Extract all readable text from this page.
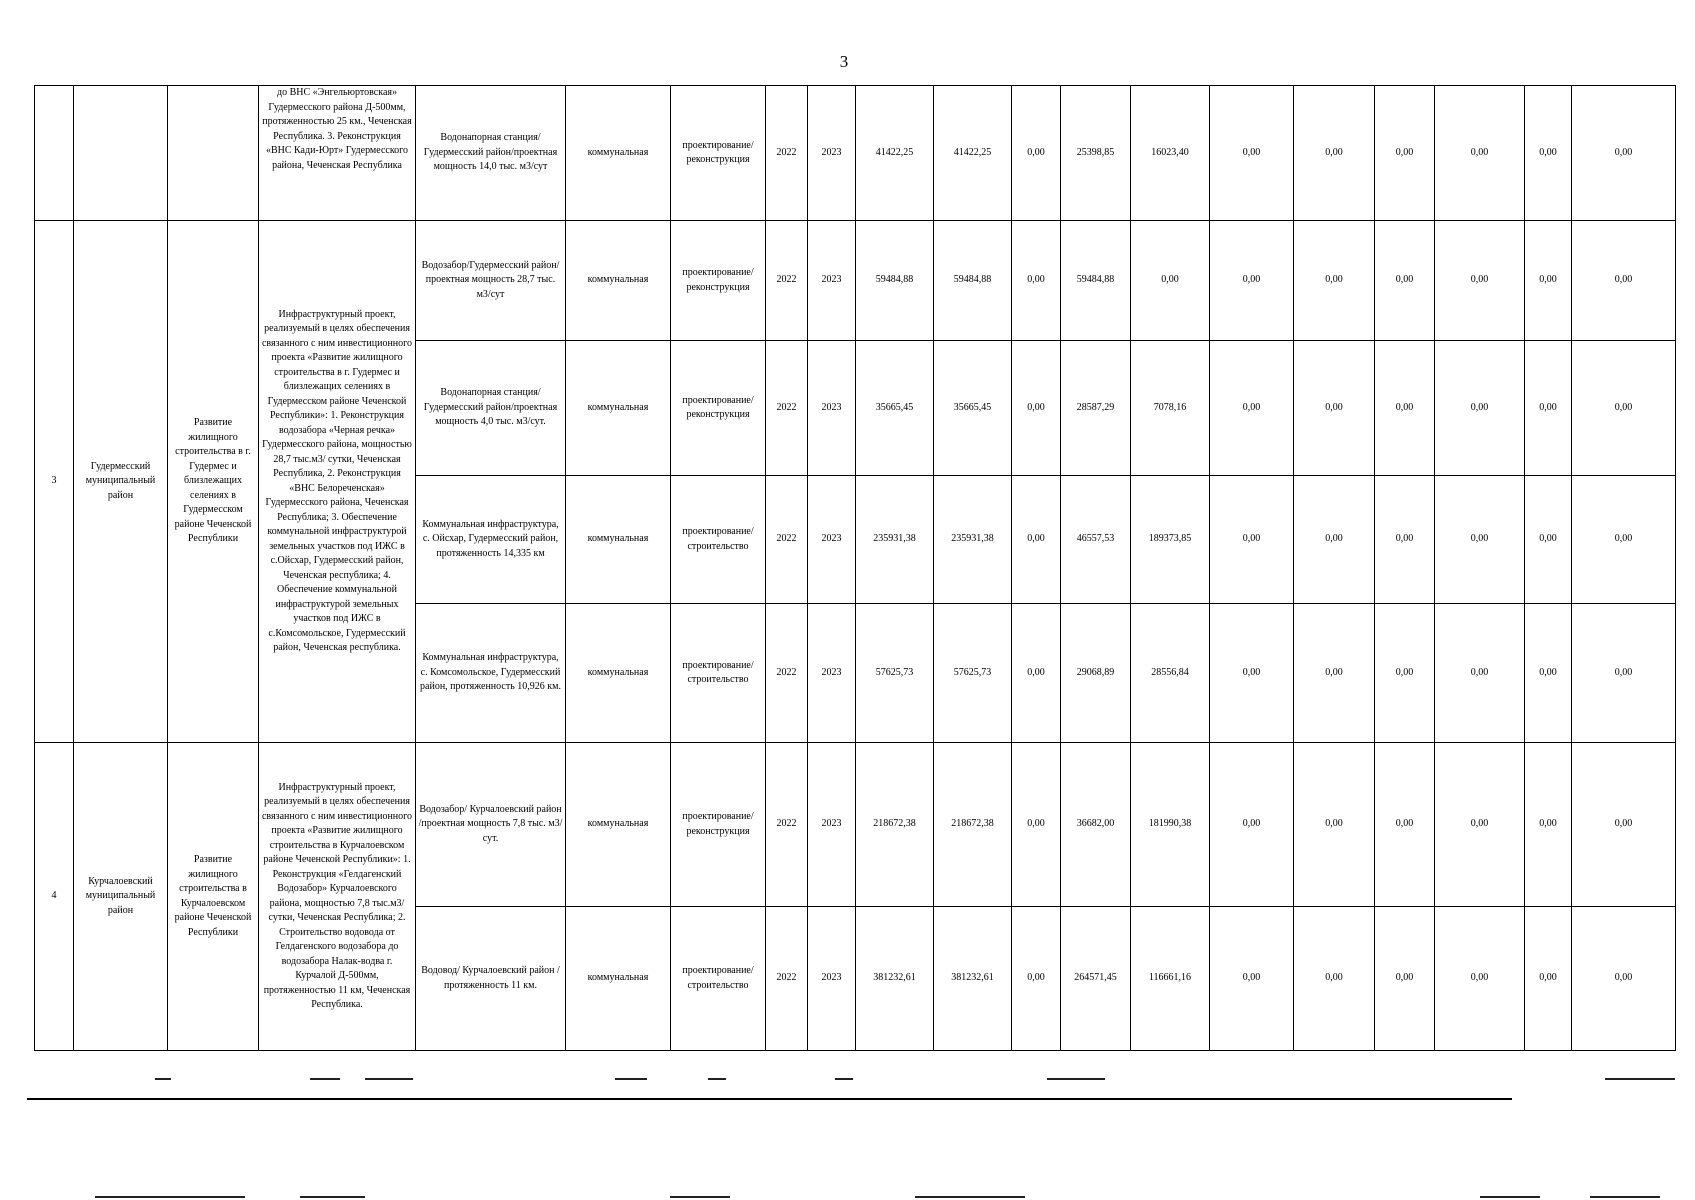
3
			до ВНС «Энгельюртовская» Гудермесского района Д-500мм, протяженностью 25 км., Чеченская Республика. 3. Реконструкция «ВНС Кади-Юрт» Гудермесского района, Чеченская Республика	Водонапорная станция/ Гудермесский район/проектная мощность 14,0 тыс. м3/сут	коммунальная	проектирование/реконструкция	2022	2023	41422,25	41422,25	0,00	25398,85	16023,40	0,00	0,00	0,00	0,00	0,00	0,00
3	Гудермесский муниципальный район	Развитие жилищного строительства в г. Гудермес и близлежащих селениях в Гудермесском районе Чеченской Республики	Инфраструктурный проект, реализуемый в целях обеспечения связанного с ним инвестиционного проекта «Развитие жилищного строительства в г. Гудермес и близлежащих селениях в Гудермесском районе Чеченской Республики»: 1. Реконструкция водозабора «Черная речка» Гудермесского района, мощностью 28,7 тыс.м3/ сутки, Чеченская Республика, 2. Реконструкция «ВНС Белореченская» Гудермесского района, Чеченская Республика; 3. Обеспечение коммунальной инфраструктурой земельных участков под ИЖС в с.Ойсхар, Гудермесский район, Чеченская республика; 4. Обеспечение коммунальной инфраструктурой земельных участков под ИЖС в с.Комсомольское, Гудермесский район, Чеченская республика.	Водозабор/Гудермесский район/проектная мощность 28,7 тыс. м3/сут	коммунальная	проектирование/реконструкция	2022	2023	59484,88	59484,88	0,00	59484,88	0,00	0,00	0,00	0,00	0,00	0,00	0,00
				Водонапорная станция/Гудермесский район/проектная мощность 4,0 тыс. м3/сут.	коммунальная	проектирование/реконструкция	2022	2023	35665,45	35665,45	0,00	28587,29	7078,16	0,00	0,00	0,00	0,00	0,00	0,00
				Коммунальная инфраструктура, с. Ойсхар, Гудермесский район, протяженность 14,335 км	коммунальная	проектирование/строительство	2022	2023	235931,38	235931,38	0,00	46557,53	189373,85	0,00	0,00	0,00	0,00	0,00	0,00
				Коммунальная инфраструктура, с. Комсомольское, Гудермесский район, протяженность 10,926 км.	коммунальная	проектирование/строительство	2022	2023	57625,73	57625,73	0,00	29068,89	28556,84	0,00	0,00	0,00	0,00	0,00	0,00
4	Курчалоевский муниципальный район	Развитие жилищного строительства в Курчалоевском районе Чеченской Республики	Инфраструктурный проект, реализуемый в целях обеспечения связанного с ним инвестиционного проекта «Развитие жилищного строительства в Курчалоевском районе Чеченской Республики»: 1. Реконструкция «Гелдагенский Водозабор» Курчалоевского района, мощностью 7,8 тыс.м3/ сутки, Чеченская Республика; 2. Строительство водовода от Гелдагенского водозабора до водозабора Налак-водва г. Курчалой Д-500мм, протяженностью 11 км, Чеченская Республика.	Водозабор/ Курчалоевский район /проектная мощность 7,8 тыс. м3/сут.	коммунальная	проектирование/реконструкция	2022	2023	218672,38	218672,38	0,00	36682,00	181990,38	0,00	0,00	0,00	0,00	0,00	0,00
				Водовод/ Курчалоевский район /протяженность 11 км.	коммунальная	проектирование/строительство	2022	2023	381232,61	381232,61	0,00	264571,45	116661,16	0,00	0,00	0,00	0,00	0,00	0,00
